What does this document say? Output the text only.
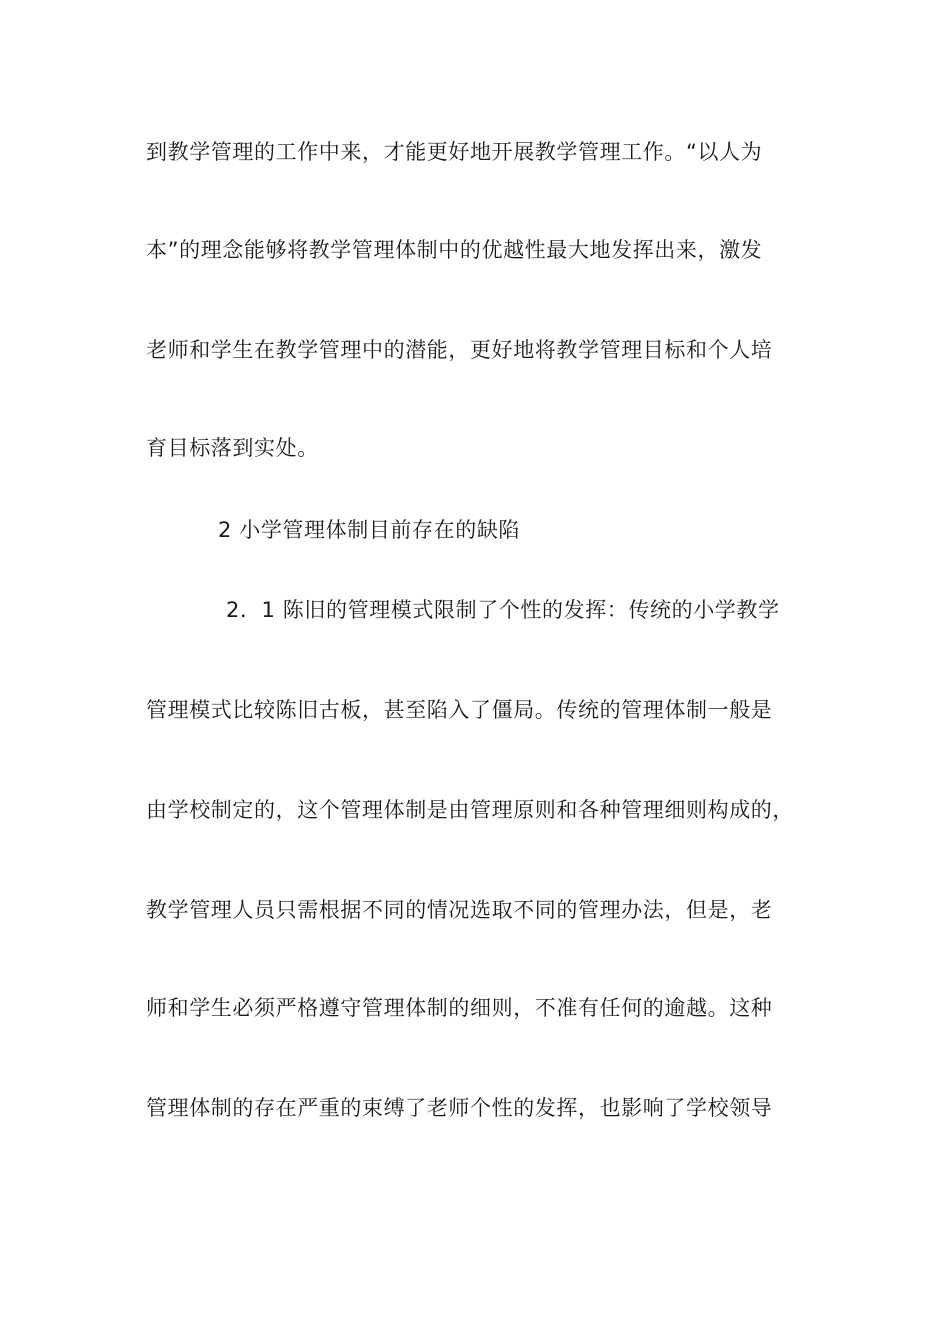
到教学管理的工作中来，才能更好地开展教学管理工作。“以人为
本”的理念能够将教学管理体制中的优越性最大地发挥出来，激发
老师和学生在教学管理中的潜能，更好地将教学管理目标和个人培
育目标落到实处。
2 小学管理体制目前存在的缺陷
2．1 陈旧的管理模式限制了个性的发挥：传统的小学教学
管理模式比较陈旧古板，甚至陷入了僵局。传统的管理体制一般是
由学校制定的，这个管理体制是由管理原则和各种管理细则构成的，
教学管理人员只需根据不同的情况选取不同的管理办法，但是，老
师和学生必须严格遵守管理体制的细则，不准有任何的逾越。这种
管理体制的存在严重的束缚了老师个性的发挥，也影响了学校领导
